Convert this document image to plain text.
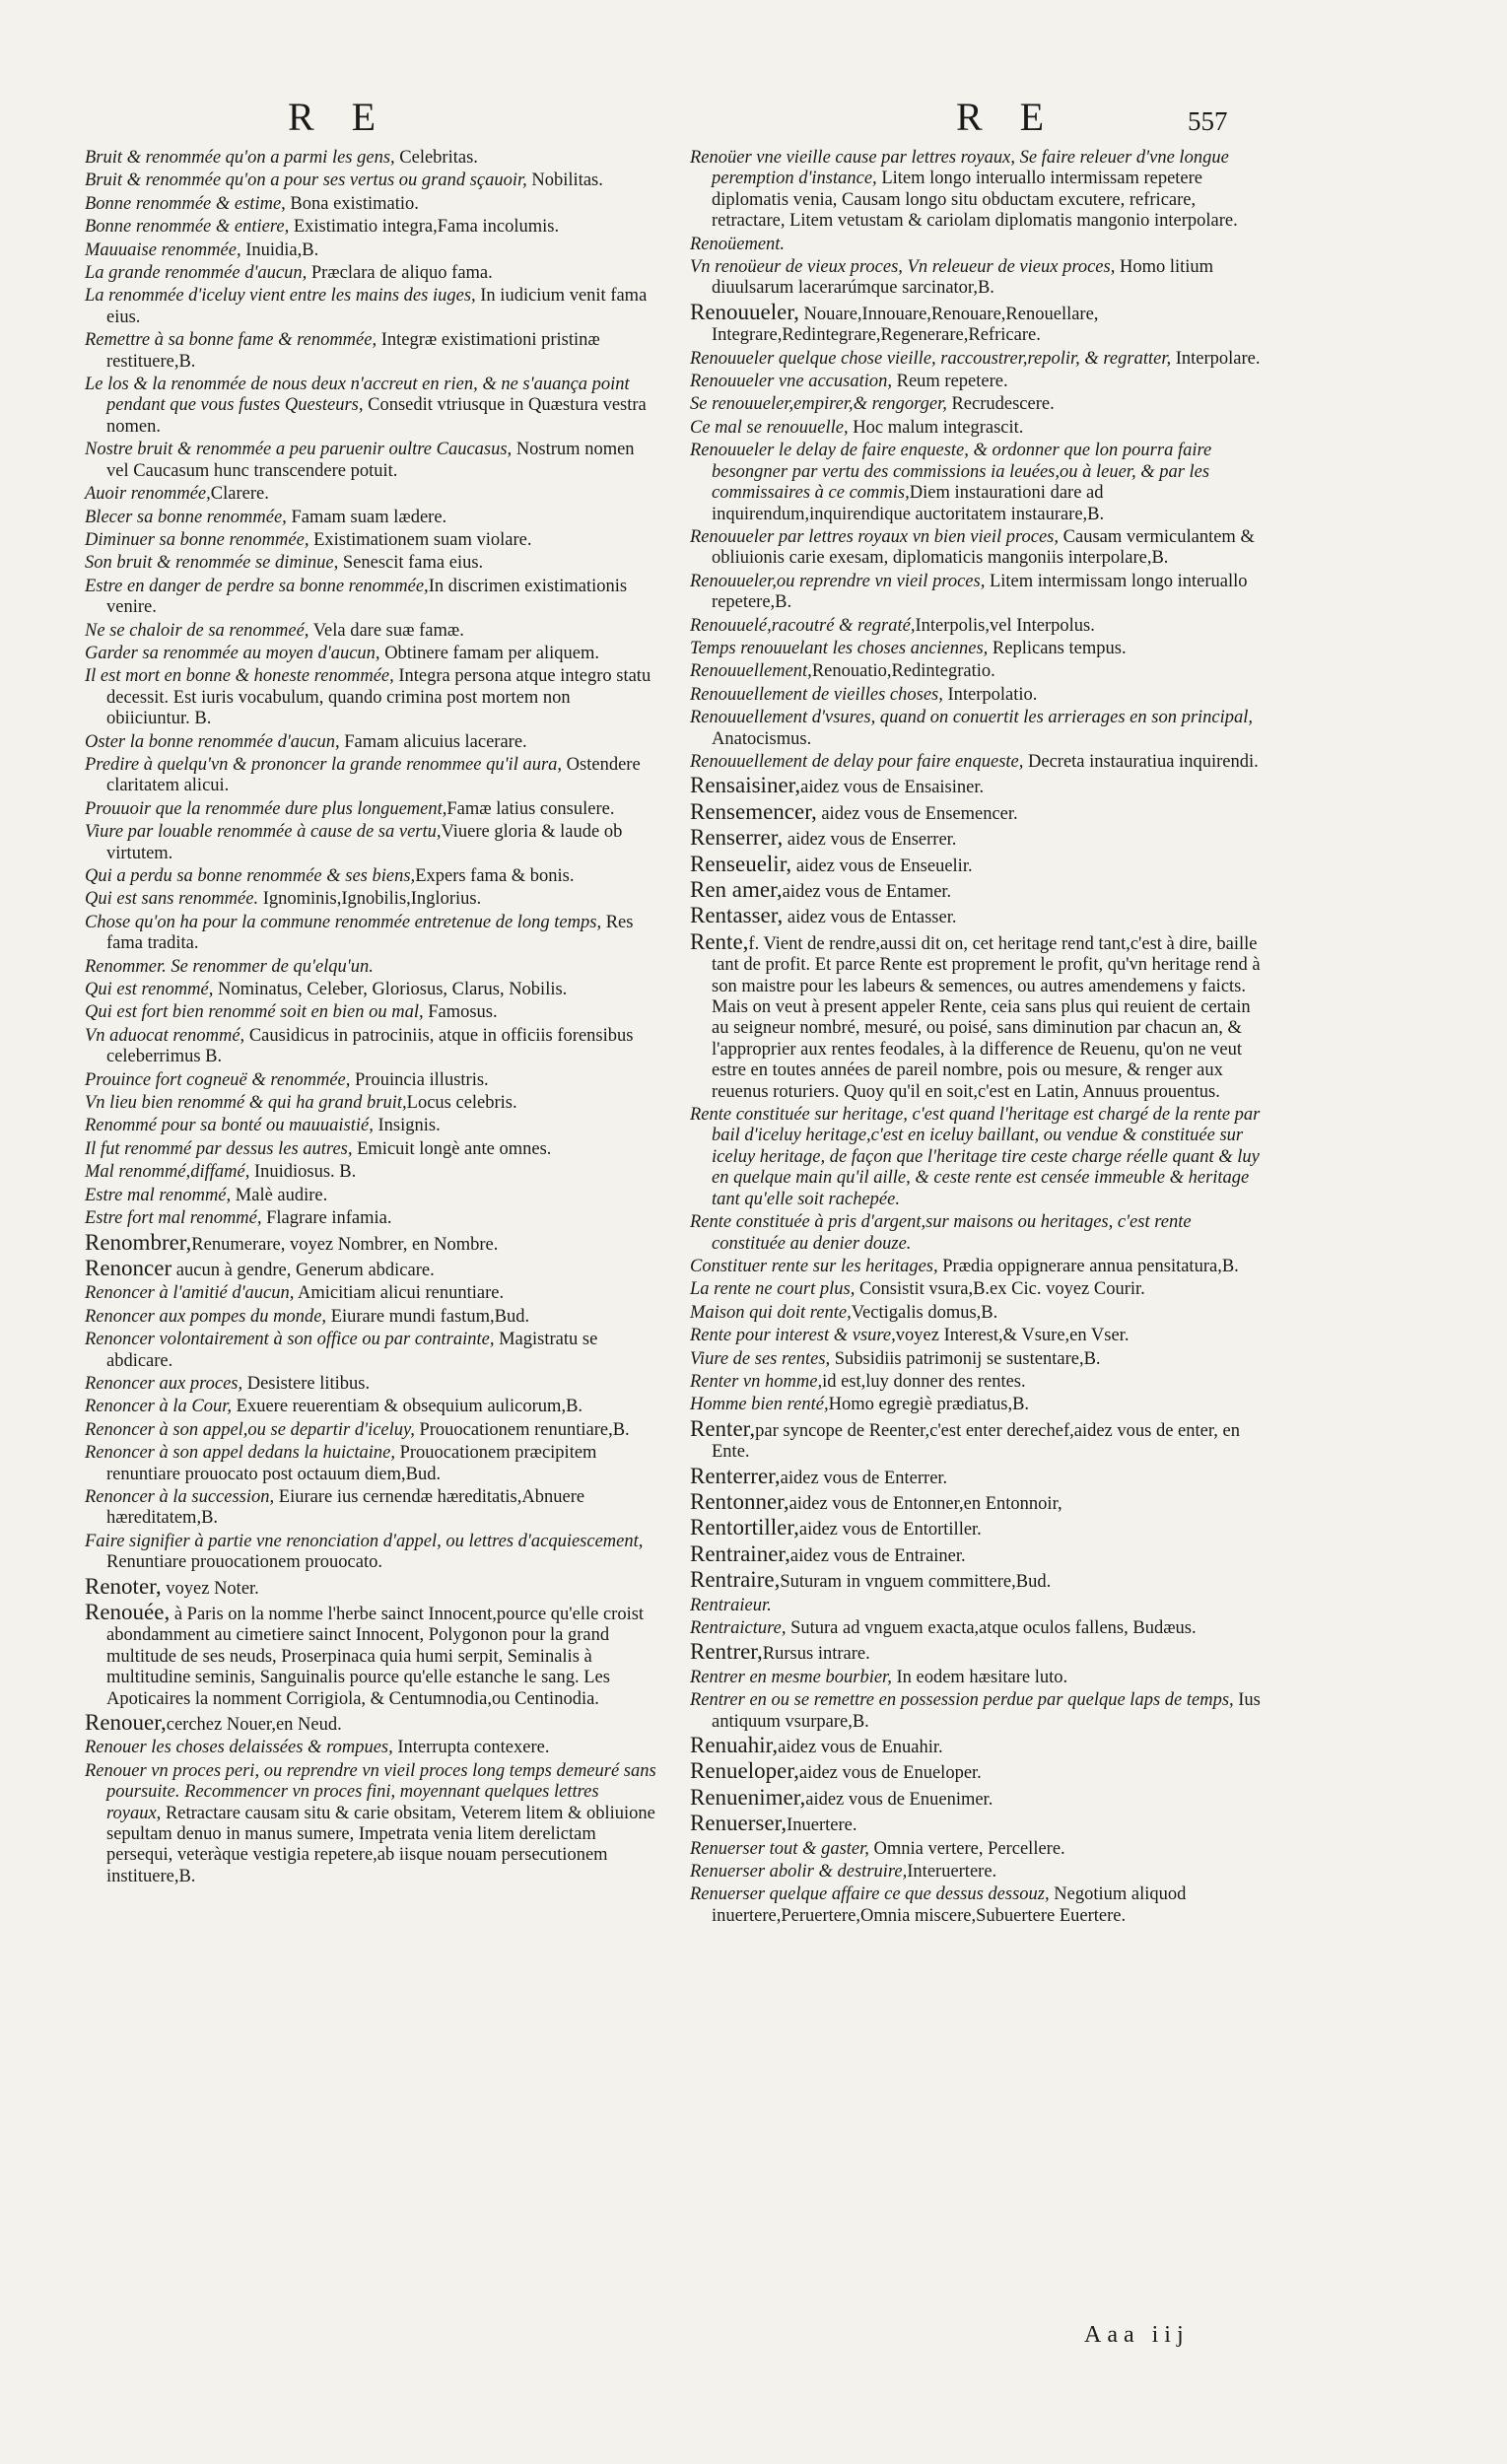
R E	R E	557
Bruit & renommée qu'on a parmi les gens, Celebritas.
Bruit & renommée qu'on a pour ses vertus ou grand sçauoir, Nobilitas.
Bonne renommée & estime, Bona existimatio.
Bonne renommée & entiere, Existimatio integra,Fama incolumis.
Mauuaise renommée, Inuidia,B.
La grande renommée d'aucun, Præclara de aliquo fama.
La renommée d'iceluy vient entre les mains des iuges, In iudicium venit fama eius.
Remettre à sa bonne fame & renommée, Integræ existimationi pristinæ restituere,B.
Le los & la renommée de nous deux n'accreut en rien, & ne s'auança point pendant que vous fustes Questeurs, Consedit vtriusque in Quæstura vestra nomen.
Nostre bruit & renommée a peu paruenir oultre Caucasus, Nostrum nomen vel Caucasum hunc transcendere potuit.
Auoir renommée,Clarere.
Blecer sa bonne renommée, Famam suam lædere.
Diminuer sa bonne renommée, Existimationem suam violare.
Son bruit & renommée se diminue, Senescit fama eius.
Estre en danger de perdre sa bonne renommée,In discrimen existimationis venire.
Ne se chaloir de sa renommeé, Vela dare suæ famæ.
Garder sa renommée au moyen d'aucun, Obtinere famam per aliquem.
Il est mort en bonne & honeste renommée, Integra persona atque integro statu decessit. Est iuris vocabulum, quando crimina post mortem non obiiciuntur. B.
Oster la bonne renommée d'aucun, Famam alicuius lacerare.
Predire à quelqu'vn & prononcer la grande renommee qu'il aura, Ostendere claritatem alicui.
Prouuoir que la renommée dure plus longuement,Famæ latius consulere.
Viure par louable renommée à cause de sa vertu,Viuere gloria & laude ob virtutem.
Qui a perdu sa bonne renommée & ses biens,Expers fama & bonis.
Qui est sans renommée. Ignominis,Ignobilis,Inglorius.
Chose qu'on ha pour la commune renommée entretenue de long temps, Res fama tradita.
Renommer. Se renommer de qu'elqu'un.
Qui est renommé, Nominatus, Celeber, Gloriosus, Clarus, Nobilis.
Qui est fort bien renommé soit en bien ou mal, Famosus.
Vn aduocat renommé, Causidicus in patrociniis, atque in officiis forensibus celeberrimus B.
Prouince fort cogneuë & renommée, Prouincia illustris.
Vn lieu bien renommé & qui ha grand bruit,Locus celebris.
Renommé pour sa bonté ou mauuaistié, Insignis.
Il fut renommé par dessus les autres, Emicuit longè ante omnes.
Mal renommé,diffamé, Inuidiosus. B.
Estre mal renommé, Malè audire.
Estre fort mal renommé, Flagrare infamia.
Renombrer,Renumerare, voyez Nombrer, en Nombre.
Renoncer aucun à gendre, Generum abdicare.
Renoncer à l'amitié d'aucun, Amicitiam alicui renuntiare.
Renoncer aux pompes du monde, Eiurare mundi fastum,Bud.
Renoncer volontairement à son office ou par contrainte, Magistratu se abdicare.
Renoncer aux proces, Desistere litibus.
Renoncer à la Cour, Exuere reuerentiam & obsequium aulicorum,B.
Renoncer à son appel,ou se departir d'iceluy, Prouocationem renuntiare,B.
Renoncer à son appel dedans la huictaine, Prouocationem præcipitem renuntiare prouocato post octauum diem,Bud.
Renoncer à la succession, Eiurare ius cernendæ hæreditatis,Abnuere hæreditatem,B.
Faire signifier à partie vne renonciation d'appel, ou lettres d'acquiescement, Renuntiare prouocationem prouocato.
Renoter, voyez Noter.
Renouée, à Paris on la nomme l'herbe sainct Innocent,pource qu'elle croist abondamment au cimetiere sainct Innocent, Polygonon pour la grand multitude de ses neuds, Proserpinaca quia humi serpit, Seminalis à multitudine seminis, Sanguinalis pource qu'elle estanche le sang. Les Apoticaires la nomment Corrigiola, & Centumnodia,ou Centinodia.
Renouer,cerchez Nouer,en Neud.
Renouer les choses delaissées & rompues, Interrupta contexere.
Renouer vn proces peri, ou reprendre vn vieil proces long temps demeuré sans poursuite. Recommencer vn proces fini, moyennant quelques lettres royaux, Retractare causam situ & carie obsitam, Veterem litem & obliuione sepultam denuo in manus sumere, Impetrata venia litem derelictam persequi, veteràque vestigia repetere,ab iisque nouam persecutionem instituere,B.
Renoüer vne vieille cause par lettres royaux, Se faire releuer d'vne longue peremption d'instance, Litem longo interuallo intermissam repetere diplomatis venia, Causam longo situ obductam excutere, refricare, retractare, Litem vetustam & cariolam diplomatis mangonio interpolare.
Renoüement.
Vn renoüeur de vieux proces, Vn releueur de vieux proces, Homo litium diuulsarum lacerarúmque sarcinator,B.
Renouueler, Nouare,Innouare,Renouare,Renouellare, Integrare,Redintegrare,Regenerare,Refricare.
Renouueler quelque chose vieille, raccoustrer,repolir, & regratter, Interpolare.
Renouueler vne accusation, Reum repetere.
Se renouueler,empirer,& rengorger, Recrudescere.
Ce mal se renouuelle, Hoc malum integrascit.
Renouueler le delay de faire enqueste, & ordonner que lon pourra faire besongner par vertu des commissions ia leuées,ou à leuer, & par les commissaires à ce commis,Diem instaurationi dare ad inquirendum,inquirendique auctoritatem instaurare,B.
Renouueler par lettres royaux vn bien vieil proces, Causam vermiculantem & obliuionis carie exesam, diplomaticis mangoniis interpolare,B.
Renouueler,ou reprendre vn vieil proces, Litem intermissam longo interuallo repetere,B.
Renouuelé,racoutré & regraté,Interpolis,vel Interpolus.
Temps renouuelant les choses anciennes, Replicans tempus.
Renouuellement,Renouatio,Redintegratio.
Renouuellement de vieilles choses, Interpolatio.
Renouuellement d'vsures, quand on conuertit les arrierages en son principal, Anatocismus.
Renouuellement de delay pour faire enqueste, Decreta instauratiua inquirendi.
Rensaisiner,aidez vous de Ensaisiner.
Rensemencer, aidez vous de Ensemencer.
Renserrer, aidez vous de Enserrer.
Renseuelir, aidez vous de Enseuelir.
Ren amer,aidez vous de Entamer.
Rentasser, aidez vous de Entasser.
Rente,f. Vient de rendre,aussi dit on, cet heritage rend tant,c'est à dire, baille tant de profit. Et parce Rente est proprement le profit, qu'vn heritage rend à son maistre pour les labeurs & semences, ou autres amendemens y faicts. Mais on veut à present appeler Rente, ceia sans plus qui reuient de certain au seigneur nombré, mesuré, ou poisé, sans diminution par chacun an, & l'approprier aux rentes feodales, à la difference de Reuenu, qu'on ne veut estre en toutes années de pareil nombre, pois ou mesure, & renger aux reuenus roturiers. Quoy qu'il en soit,c'est en Latin, Annuus prouentus.
Rente constituée sur heritage, c'est quand l'heritage est chargé de la rente par bail d'iceluy heritage,c'est en iceluy baillant, ou vendue & constituée sur iceluy heritage, de façon que l'heritage tire ceste charge réelle quant & luy en quelque main qu'il aille, & ceste rente est censée immeuble & heritage tant qu'elle soit rachepée.
Rente constituée à pris d'argent,sur maisons ou heritages, c'est rente constituée au denier douze.
Constituer rente sur les heritages, Prædia oppignerare annua pensitatura,B.
La rente ne court plus, Consistit vsura,B.ex Cic. voyez Courir.
Maison qui doit rente,Vectigalis domus,B.
Rente pour interest & vsure,voyez Interest,& Vsure,en Vser.
Viure de ses rentes, Subsidiis patrimonij se sustentare,B.
Renter vn homme,id est,luy donner des rentes.
Homme bien renté,Homo egregiè prædiatus,B.
Renter,par syncope de Reenter,c'est enter derechef,aidez vous de enter, en Ente.
Renterrer,aidez vous de Enterrer.
Rentonner,aidez vous de Entonner,en Entonnoir,
Rentortiller,aidez vous de Entortiller.
Rentrainer,aidez vous de Entrainer.
Rentraire,Suturam in vnguem committere,Bud.
Rentraieur.
Rentraicture, Sutura ad vnguem exacta,atque oculos fallens, Budæus.
Rentrer,Rursus intrare.
Rentrer en mesme bourbier, In eodem hæsitare luto.
Rentrer en ou se remettre en possession perdue par quelque laps de temps, Ius antiquum vsurpare,B.
Renuahir,aidez vous de Enuahir.
Renueloper,aidez vous de Enueloper.
Renuenimer,aidez vous de Enuenimer.
Renuerser,Inuertere.
Renuerser tout & gaster, Omnia vertere, Percellere.
Renuerser abolir & destruire,Interuertere.
Renuerser quelque affaire ce que dessus dessouz, Negotium aliquod inuertere,Peruertere,Omnia miscere,Subuertere Euertere.
Aaa iij
